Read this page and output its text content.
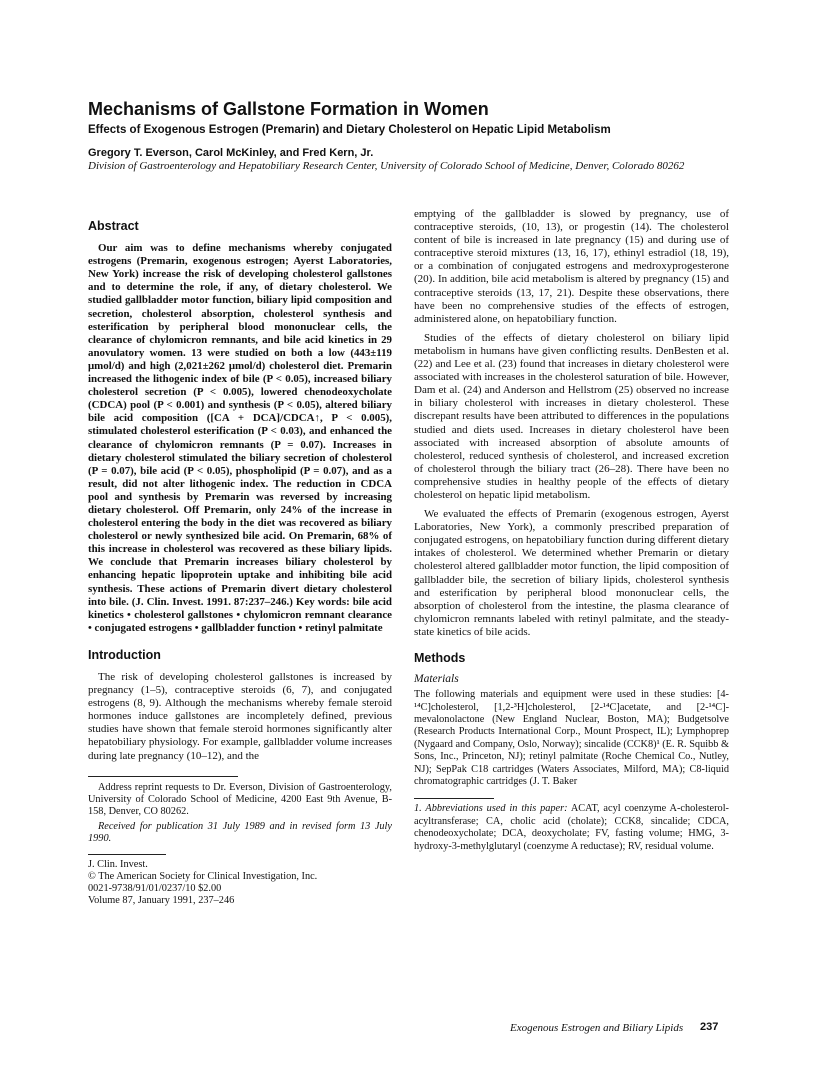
Mechanisms of Gallstone Formation in Women

Effects of Exogenous Estrogen (Premarin) and Dietary Cholesterol on Hepatic Lipid Metabolism

Gregory T. Everson, Carol McKinley, and Fred Kern, Jr.

Division of Gastroenterology and Hepatobiliary Research Center, University of Colorado School of Medicine, Denver, Colorado 80262

Abstract

Our aim was to define mechanisms whereby conjugated estrogens (Premarin, exogenous estrogen; Ayerst Laboratories, New York) increase the risk of developing cholesterol gallstones and to determine the role, if any, of dietary cholesterol. We studied gallbladder motor function, biliary lipid composition and secretion, cholesterol absorption, cholesterol synthesis and esterification by peripheral blood mononuclear cells, the clearance of chylomicron remnants, and bile acid kinetics in 29 anovulatory women. 13 were studied on both a low (443±119 μmol/d) and high (2,021±262 μmol/d) cholesterol diet. Premarin increased the lithogenic index of bile (P < 0.05), increased biliary cholesterol secretion (P < 0.005), lowered chenodeoxycholate (CDCA) pool (P < 0.001) and synthesis (P < 0.05), altered biliary bile acid composition ([CA + DCA]/CDCA↑, P < 0.005), stimulated cholesterol esterification (P < 0.03), and enhanced the clearance of chylomicron remnants (P = 0.07). Increases in dietary cholesterol stimulated the biliary secretion of cholesterol (P = 0.07), bile acid (P < 0.05), phospholipid (P = 0.07), and as a result, did not alter lithogenic index. The reduction in CDCA pool and synthesis by Premarin was reversed by increasing dietary cholesterol. Off Premarin, only 24% of the increase in cholesterol entering the body in the diet was recovered as biliary cholesterol or newly synthesized bile acid. On Premarin, 68% of this increase in cholesterol was recovered as these biliary lipids. We conclude that Premarin increases biliary cholesterol by enhancing hepatic lipoprotein uptake and inhibiting bile acid synthesis. These actions of Premarin divert dietary cholesterol into bile. (J. Clin. Invest. 1991. 87:237–246.) Key words: bile acid kinetics • cholesterol gallstones • chylomicron remnant clearance • conjugated estrogens • gallbladder function • retinyl palmitate

Introduction

The risk of developing cholesterol gallstones is increased by pregnancy (1–5), contraceptive steroids (6, 7), and conjugated estrogens (8, 9). Although the mechanisms whereby female steroid hormones induce gallstones are incompletely defined, previous studies have shown that female steroid hormones significantly alter hepatobiliary physiology. For example, gallbladder volume increases during late pregnancy (10–12), and the

Address reprint requests to Dr. Everson, Division of Gastroenterology, University of Colorado School of Medicine, 4200 East 9th Avenue, B-158, Denver, CO 80262.

Received for publication 31 July 1989 and in revised form 13 July 1990.

J. Clin. Invest.

© The American Society for Clinical Investigation, Inc.

0021-9738/91/01/0237/10 $2.00

Volume 87, January 1991, 237–246

emptying of the gallbladder is slowed by pregnancy, use of contraceptive steroids, (10, 13), or progestin (14). The cholesterol content of bile is increased in late pregnancy (15) and during use of contraceptive steroid mixtures (13, 16, 17), ethinyl estradiol (18, 19), or a combination of conjugated estrogens and medroxyprogesterone (20). In addition, bile acid metabolism is altered by pregnancy (15) and contraceptive steroids (13, 17, 21). Despite these observations, there have been no comprehensive studies of the effects of estrogen, administered alone, on hepatobiliary function.

Studies of the effects of dietary cholesterol on biliary lipid metabolism in humans have given conflicting results. DenBesten et al. (22) and Lee et al. (23) found that increases in dietary cholesterol were associated with increases in the cholesterol saturation of bile. However, Dam et al. (24) and Anderson and Hellstrom (25) observed no increase in biliary cholesterol with increases in dietary cholesterol. These discrepant results have been attributed to differences in the populations studied and diets used. Increases in dietary cholesterol have been associated with increased absorption of absolute amounts of cholesterol, reduced synthesis of cholesterol, and increased excretion of cholesterol through the biliary tract (26–28). There have been no comprehensive studies in healthy people of the effects of dietary cholesterol on hepatic lipid metabolism.

We evaluated the effects of Premarin (exogenous estrogen, Ayerst Laboratories, New York), a commonly prescribed preparation of conjugated estrogens, on hepatobiliary function during different dietary intakes of cholesterol. We determined whether Premarin or dietary cholesterol altered gallbladder motor function, the lipid composition of gallbladder bile, the secretion of biliary lipids, cholesterol synthesis and esterification by peripheral blood mononuclear cells, the absorption of cholesterol from the intestine, the plasma clearance of chylomicron remnants labeled with retinyl palmitate, and the steady-state kinetics of bile acids.

Methods
Materials

The following materials and equipment were used in these studies: [4-¹⁴C]cholesterol, [1,2-³H]cholesterol, [2-¹⁴C]acetate, and [2-¹⁴C]-mevalonolactone (New England Nuclear, Boston, MA); Budgetsolve (Research Products International Corp., Mount Prospect, IL); Lymphoprep (Nygaard and Company, Oslo, Norway); sincalide (CCK8)¹ (E. R. Squibb & Sons, Inc., Princeton, NJ); retinyl palmitate (Roche Chemical Co., Nutley, NJ); SepPak C18 cartridges (Waters Associates, Milford, MA); C8-liquid chromatographic cartridges (J. T. Baker

1. Abbreviations used in this paper: ACAT, acyl coenzyme A-cholesterol-acyltransferase; CA, cholic acid (cholate); CCK8, sincalide; CDCA, chenodeoxycholate; DCA, deoxycholate; FV, fasting volume; HMG, 3-hydroxy-3-methylglutaryl (coenzyme A reductase); RV, residual volume.

Exogenous Estrogen and Biliary Lipids 237
